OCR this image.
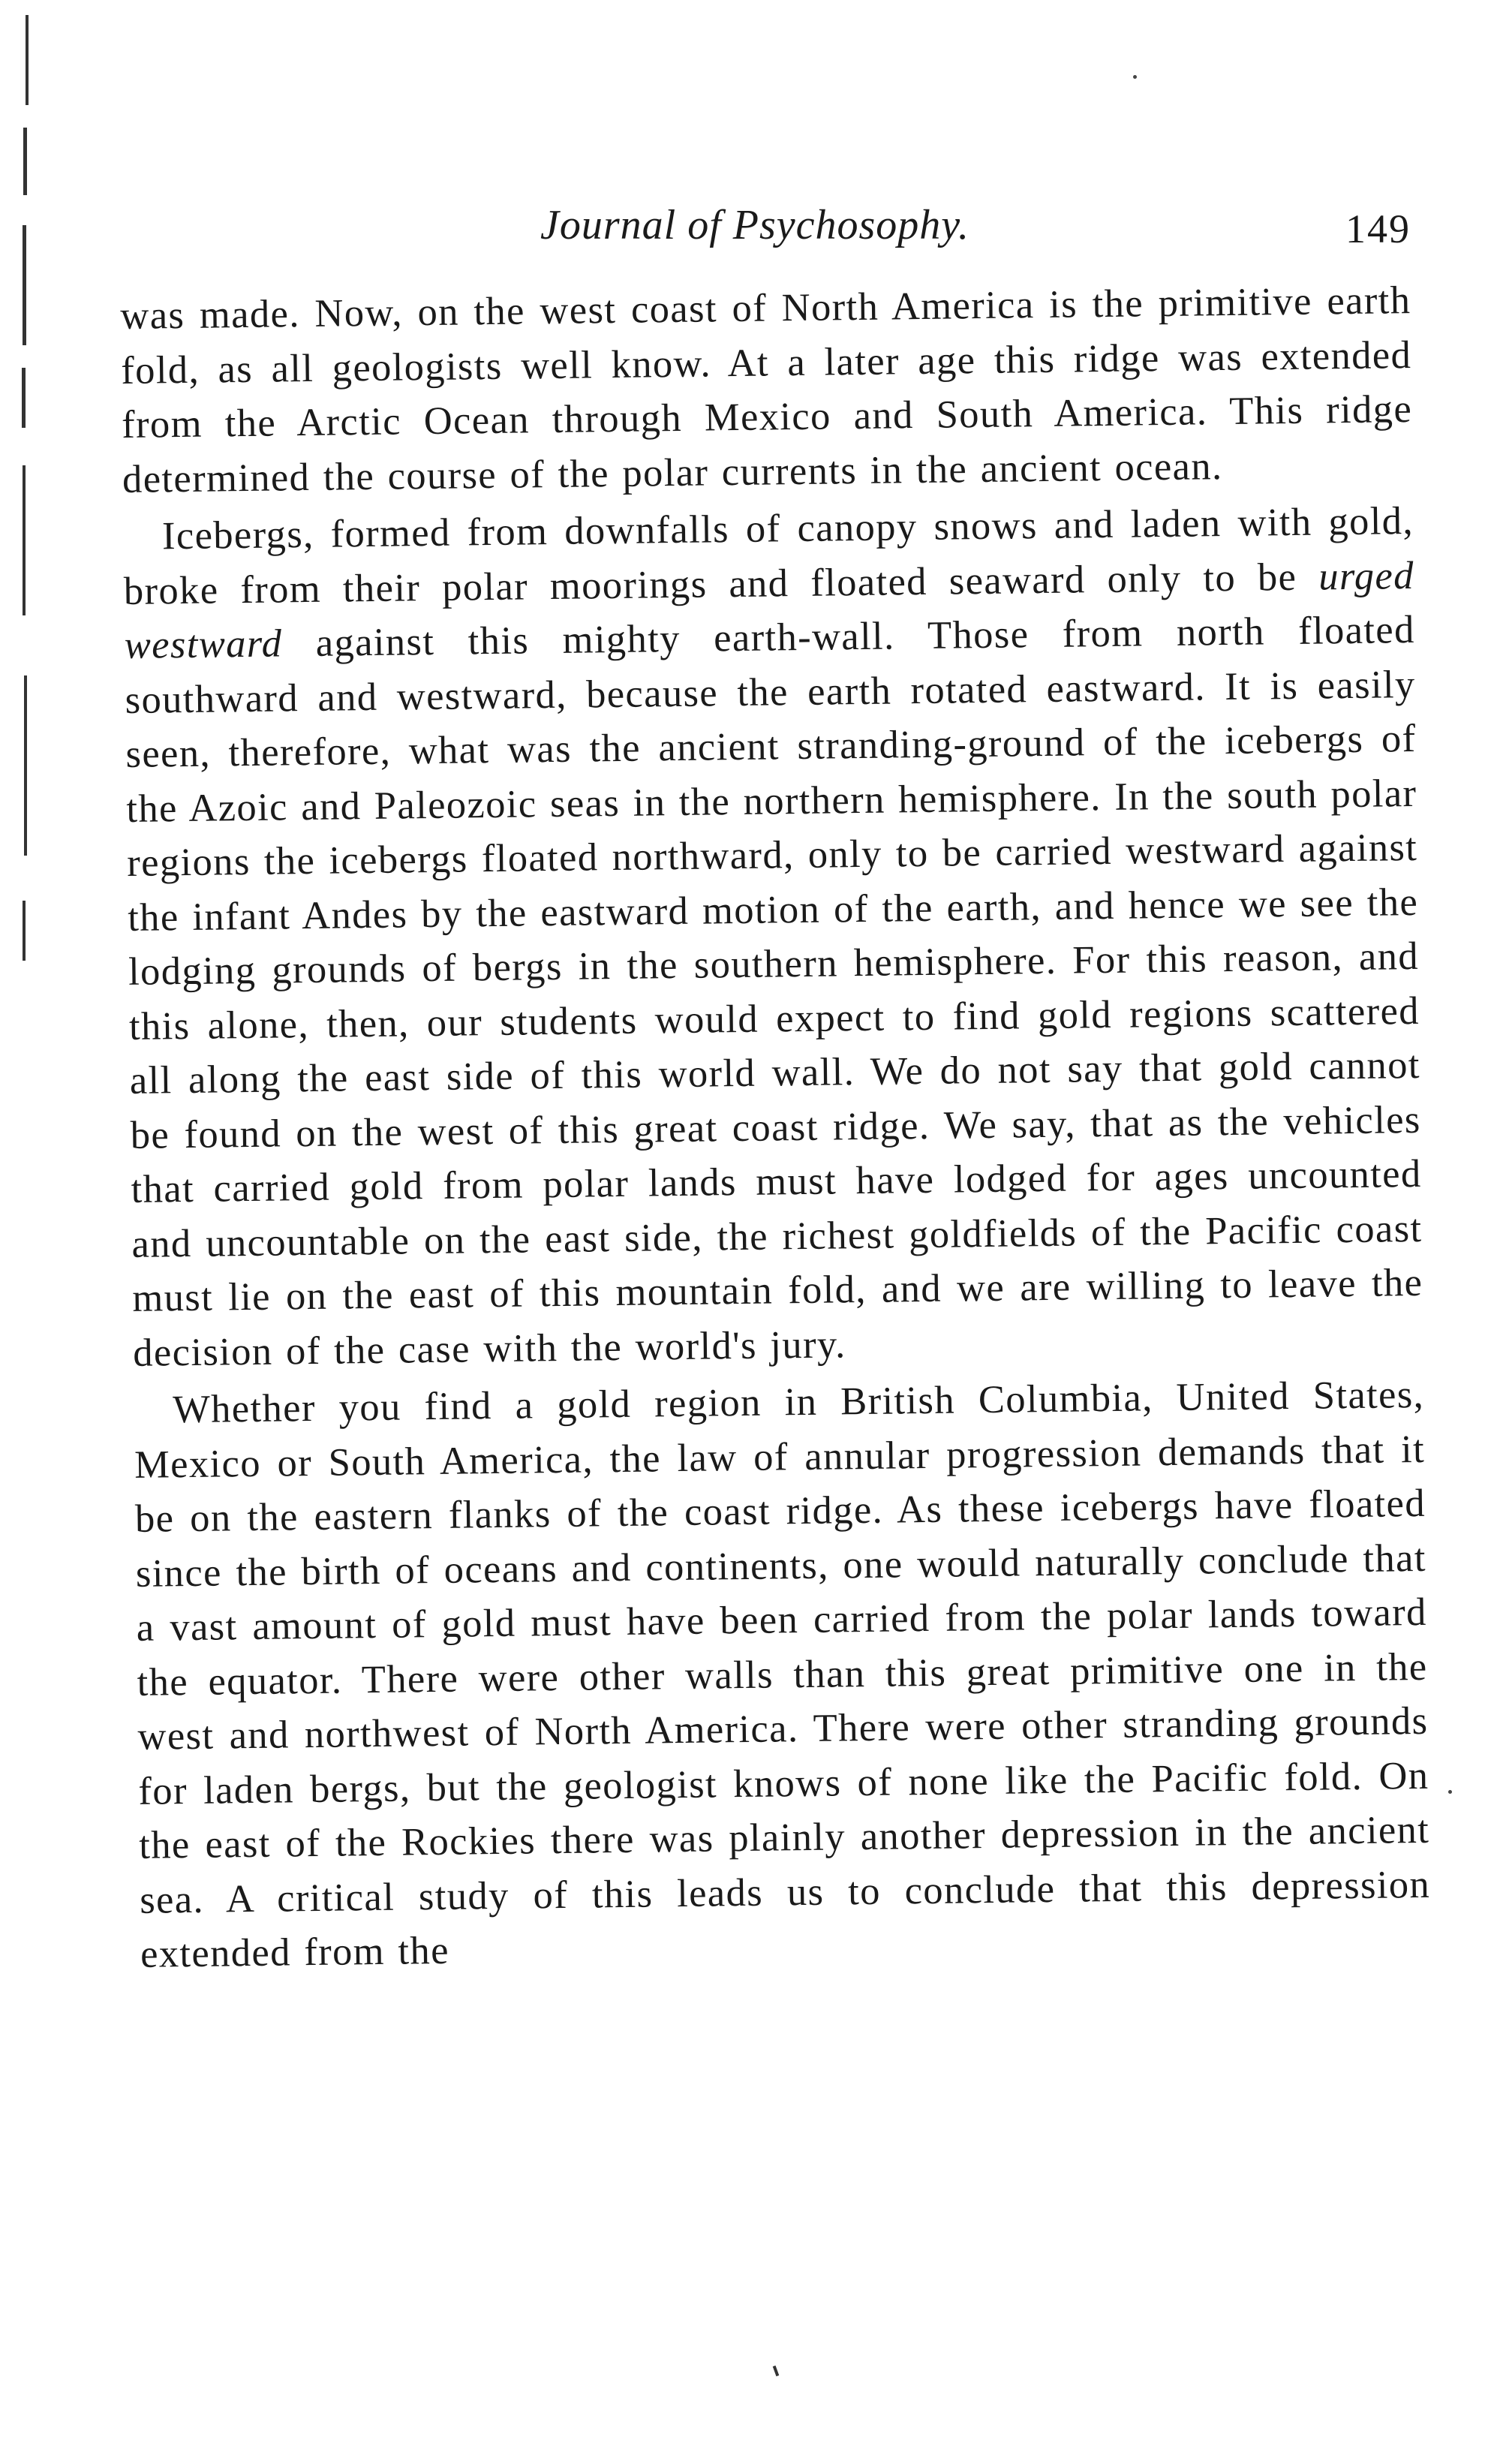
Journal of Psychosophy.	149

was made. Now, on the west coast of North America is the primitive earth fold, as all geologists well know. At a later age this ridge was extended from the Arctic Ocean through Mexico and South America. This ridge determined the course of the polar currents in the ancient ocean.

Icebergs, formed from downfalls of canopy snows and laden with gold, broke from their polar moorings and floated seaward only to be urged westward against this mighty earth-wall. Those from north floated southward and westward, because the earth rotated eastward. It is easily seen, therefore, what was the ancient stranding-ground of the icebergs of the Azoic and Paleozoic seas in the northern hemisphere. In the south polar regions the icebergs floated northward, only to be carried westward against the infant Andes by the eastward motion of the earth, and hence we see the lodging grounds of bergs in the southern hemisphere. For this reason, and this alone, then, our students would expect to find gold regions scattered all along the east side of this world wall. We do not say that gold cannot be found on the west of this great coast ridge. We say, that as the vehicles that carried gold from polar lands must have lodged for ages uncounted and uncountable on the east side, the richest goldfields of the Pacific coast must lie on the east of this mountain fold, and we are willing to leave the decision of the case with the world's jury.

Whether you find a gold region in British Columbia, United States, Mexico or South America, the law of annular progression demands that it be on the eastern flanks of the coast ridge. As these icebergs have floated since the birth of oceans and continents, one would naturally conclude that a vast amount of gold must have been carried from the polar lands toward the equator. There were other walls than this great primitive one in the west and northwest of North America. There were other stranding grounds for laden bergs, but the geologist knows of none like the Pacific fold. On the east of the Rockies there was plainly another depression in the ancient sea. A critical study of this leads us to conclude that this depression extended from the
